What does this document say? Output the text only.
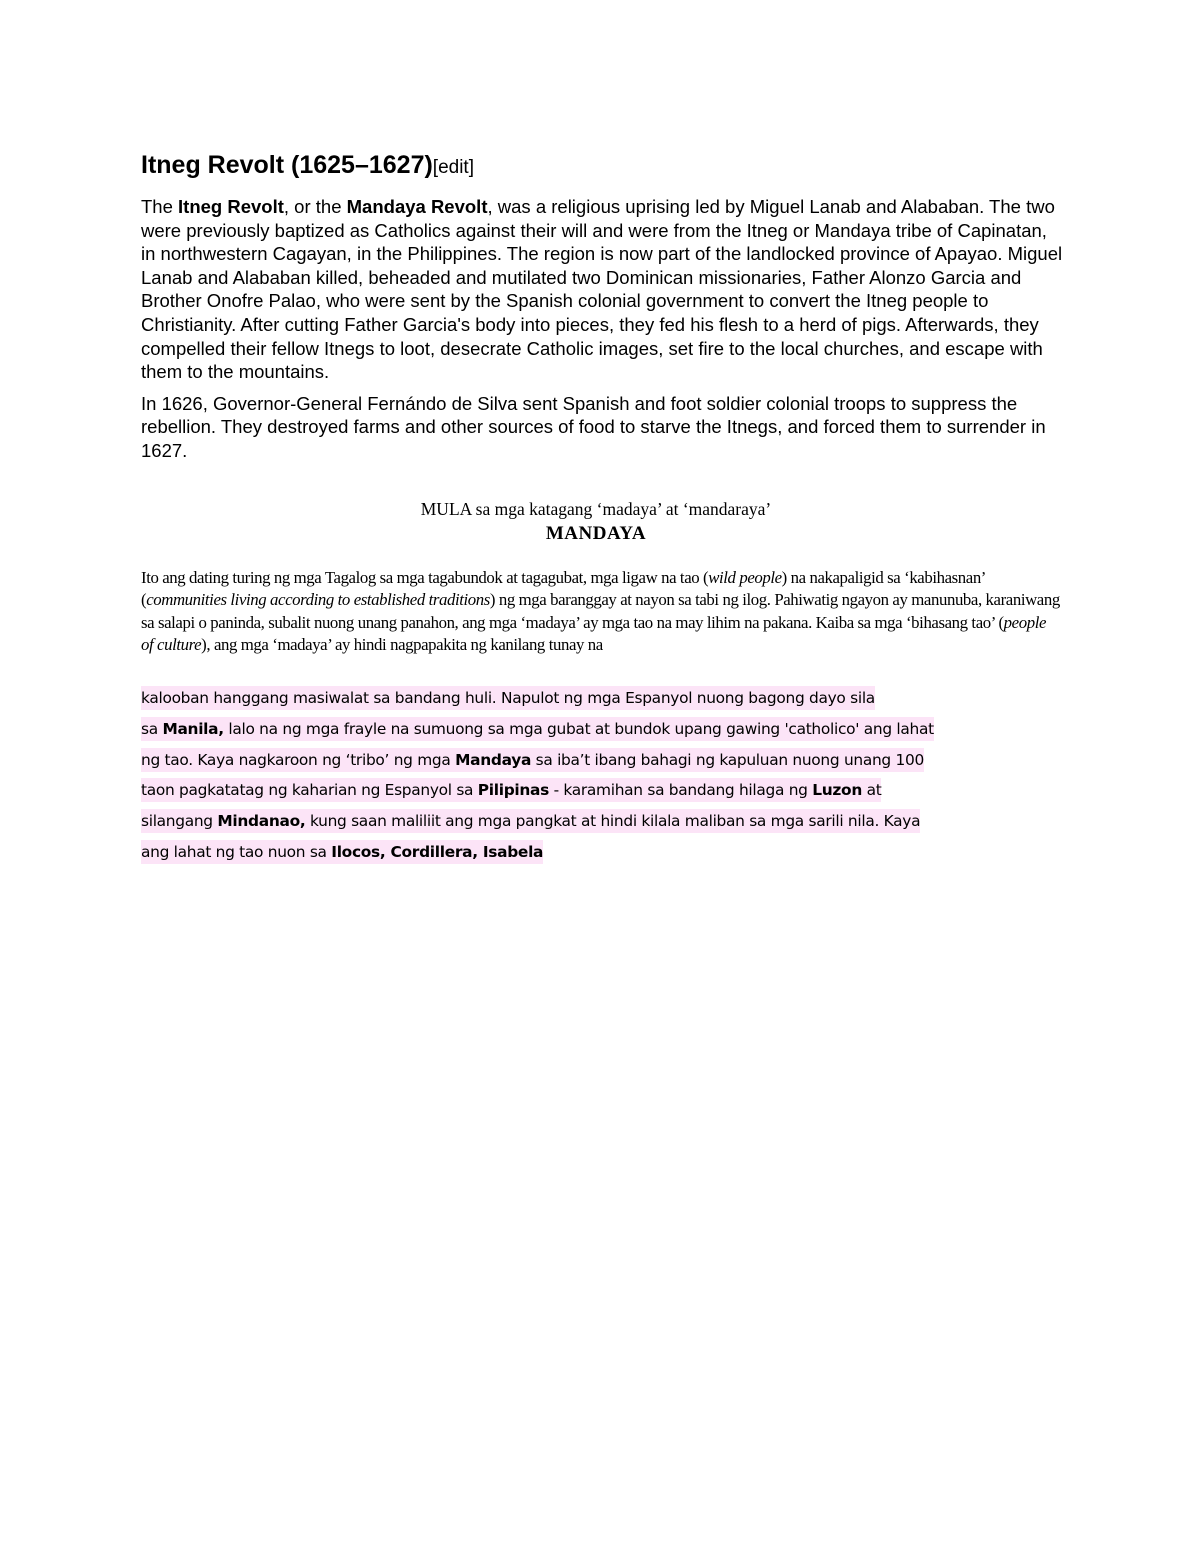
Itneg Revolt (1625–1627)[edit]

The Itneg Revolt, or the Mandaya Revolt, was a religious uprising led by Miguel Lanab and Alababan. The two were previously baptized as Catholics against their will and were from the Itneg or Mandaya tribe of Capinatan, in northwestern Cagayan, in the Philippines. The region is now part of the landlocked province of Apayao. Miguel Lanab and Alababan killed, beheaded and mutilated two Dominican missionaries, Father Alonzo Garcia and Brother Onofre Palao, who were sent by the Spanish colonial government to convert the Itneg people to Christianity. After cutting Father Garcia's body into pieces, they fed his flesh to a herd of pigs. Afterwards, they compelled their fellow Itnegs to loot, desecrate Catholic images, set fire to the local churches, and escape with them to the mountains.

In 1626, Governor-General Fernándo de Silva sent Spanish and foot soldier colonial troops to suppress the rebellion. They destroyed farms and other sources of food to starve the Itnegs, and forced them to surrender in 1627.

MULA sa mga katagang ‘madaya’ at ‘mandaraya’

MANDAYA

Ito ang dating turing ng mga Tagalog sa mga tagabundok at tagagubat, mga ligaw na tao (wild people) na nakapaligid sa ‘kabihasnan’ (communities living according to established traditions) ng mga baranggay at nayon sa tabi ng ilog. Pahiwatig ngayon ay manunuba, karaniwang sa salapi o paninda, subalit nuong unang panahon, ang mga ‘madaya’ ay mga tao na may lihim na pakana. Kaiba sa mga ‘bihasang tao’ (people of culture), ang mga ‘madaya’ ay hindi nagpapakita ng kanilang tunay na

kalooban hanggang masiwalat sa bandang huli. Napulot ng mga Espanyol nuong bagong dayo sila
sa Manila, lalo na ng mga frayle na sumuong sa mga gubat at bundok upang gawing 'catholico' ang lahat
ng tao. Kaya nagkaroon ng ‘tribo’ ng mga Mandaya sa iba’t ibang bahagi ng kapuluan nuong unang 100
taon pagkatatag ng kaharian ng Espanyol sa Pilipinas - karamihan sa bandang hilaga ng Luzon at
silangang Mindanao, kung saan maliliit ang mga pangkat at hindi kilala maliban sa mga sarili nila. Kaya
ang lahat ng tao nuon sa Ilocos, Cordillera, Isabela
